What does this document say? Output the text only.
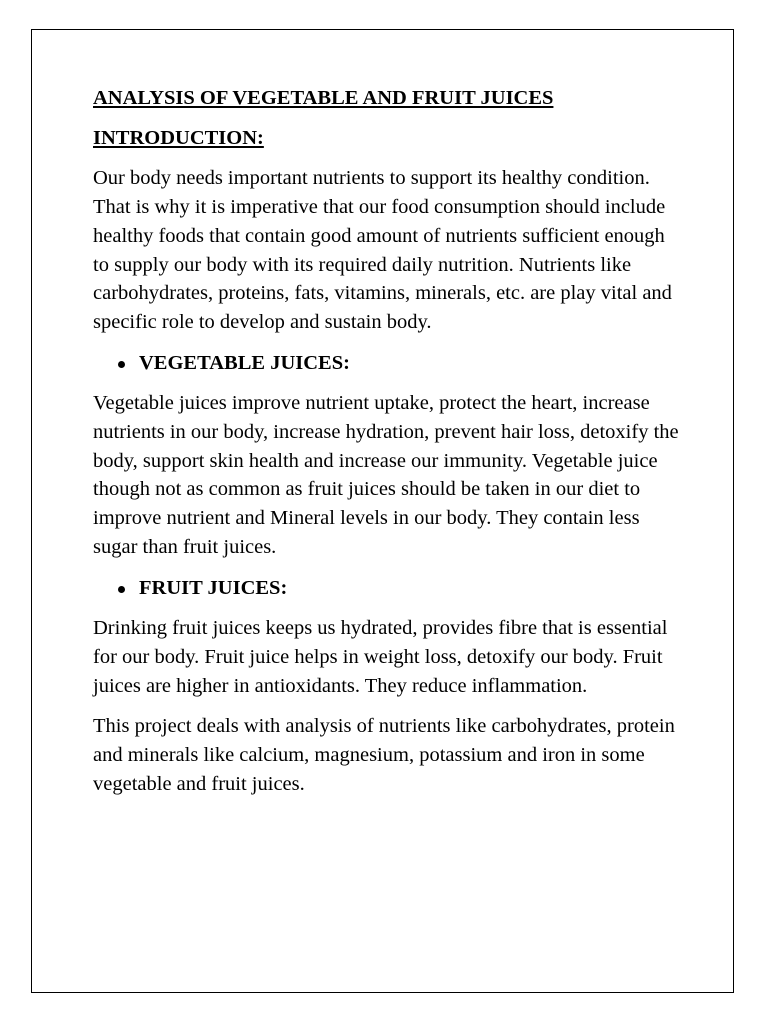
ANALYSIS OF VEGETABLE AND FRUIT JUICES
INTRODUCTION:

Our body needs important nutrients to support its healthy condition. That is why it is imperative that our food consumption should include healthy foods that contain good amount of nutrients sufficient enough to supply our body with its required daily nutrition. Nutrients like carbohydrates, proteins, fats, vitamins, minerals, etc. are play vital and specific role to develop and sustain body.

VEGETABLE JUICES:

Vegetable juices improve nutrient uptake, protect the heart, increase nutrients in our body, increase hydration, prevent hair loss, detoxify the body, support skin health and increase our immunity. Vegetable juice though not as common as fruit juices should be taken in our diet to improve nutrient and Mineral levels in our body. They contain less sugar than fruit juices.

FRUIT JUICES:

Drinking fruit juices keeps us hydrated, provides fibre that is essential for our body. Fruit juice helps in weight loss, detoxify our body. Fruit juices are higher in antioxidants. They reduce inflammation.

This project deals with analysis of nutrients like carbohydrates, protein and minerals like calcium, magnesium, potassium and iron in some vegetable and fruit juices.
